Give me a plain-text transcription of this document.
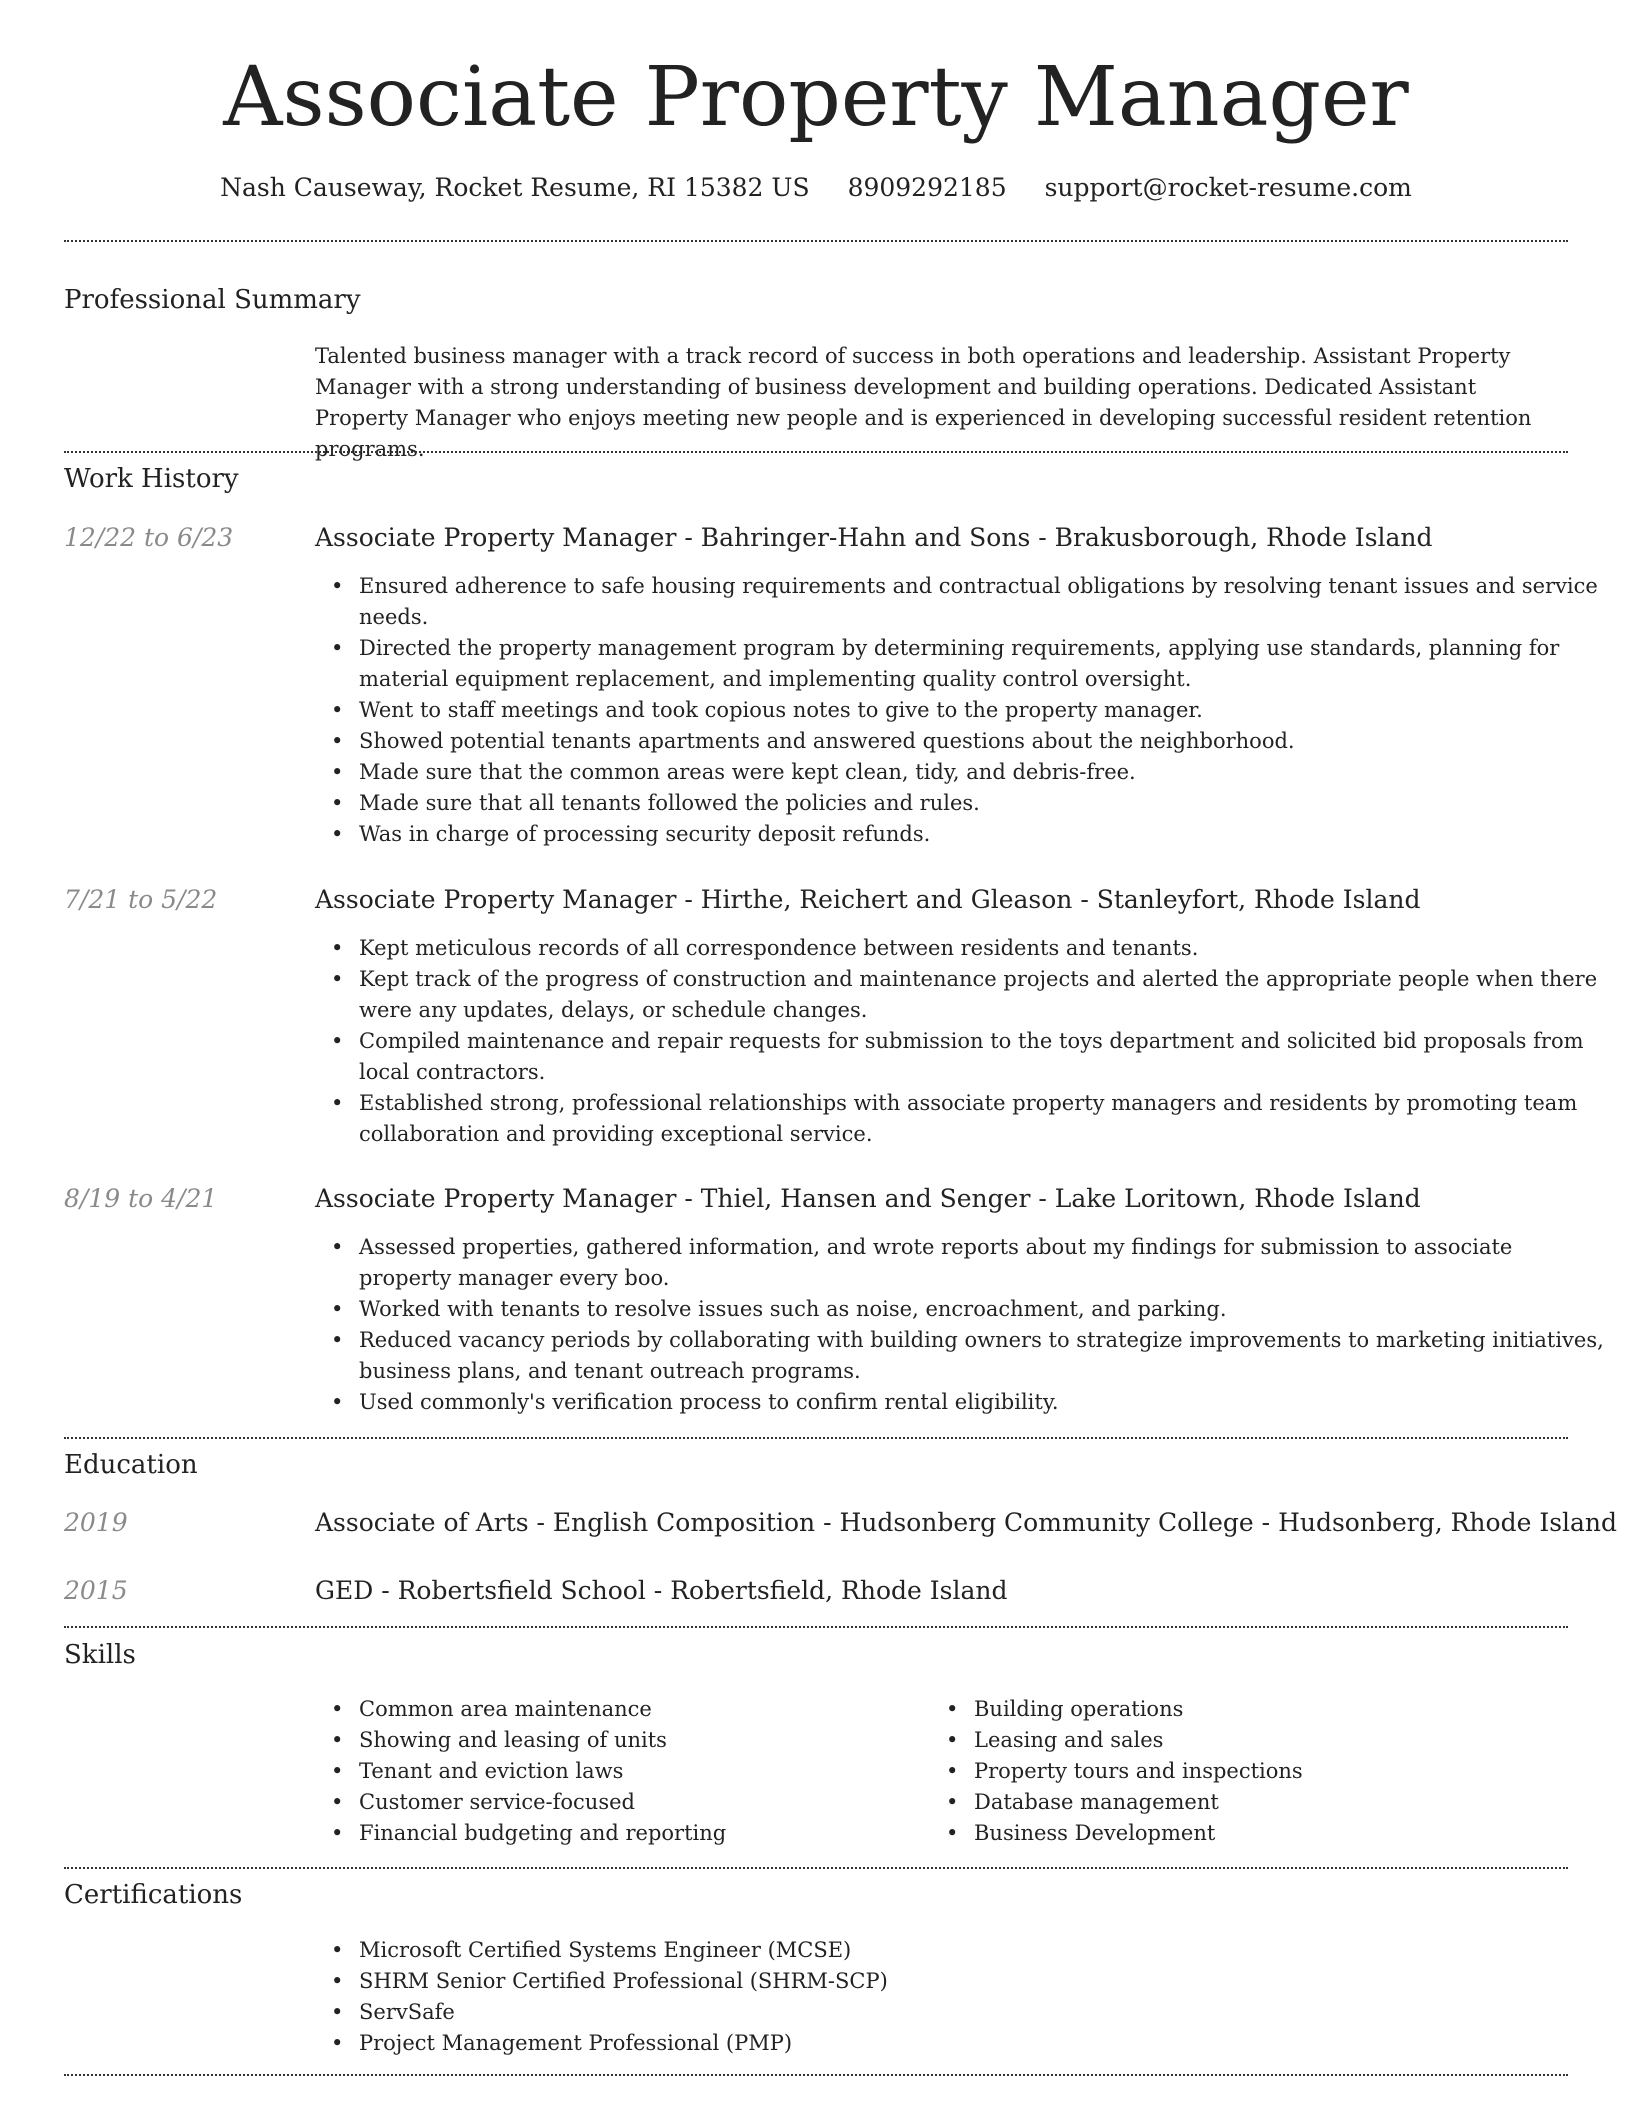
Associate Property Manager
Nash Causeway, Rocket Resume, RI 15382 US 8909292185 support@rocket-resume.com
Professional Summary
Talented business manager with a track record of success in both operations and leadership. Assistant Property Manager with a strong understanding of business development and building operations. Dedicated Assistant Property Manager who enjoys meeting new people and is experienced in developing successful resident retention programs.
Work History
12/22 to 6/23	Associate Property Manager - Bahringer-Hahn and Sons - Brakusborough, Rhode Island
• Ensured adherence to safe housing requirements and contractual obligations by resolving tenant issues and service needs.
• Directed the property management program by determining requirements, applying use standards, planning for material equipment replacement, and implementing quality control oversight.
• Went to staff meetings and took copious notes to give to the property manager.
• Showed potential tenants apartments and answered questions about the neighborhood.
• Made sure that the common areas were kept clean, tidy, and debris-free.
• Made sure that all tenants followed the policies and rules.
• Was in charge of processing security deposit refunds.
7/21 to 5/22	Associate Property Manager - Hirthe, Reichert and Gleason - Stanleyfort, Rhode Island
• Kept meticulous records of all correspondence between residents and tenants.
• Kept track of the progress of construction and maintenance projects and alerted the appropriate people when there were any updates, delays, or schedule changes.
• Compiled maintenance and repair requests for submission to the toys department and solicited bid proposals from local contractors.
• Established strong, professional relationships with associate property managers and residents by promoting team collaboration and providing exceptional service.
8/19 to 4/21	Associate Property Manager - Thiel, Hansen and Senger - Lake Loritown, Rhode Island
• Assessed properties, gathered information, and wrote reports about my findings for submission to associate property manager every boo.
• Worked with tenants to resolve issues such as noise, encroachment, and parking.
• Reduced vacancy periods by collaborating with building owners to strategize improvements to marketing initiatives, business plans, and tenant outreach programs.
• Used commonly's verification process to confirm rental eligibility.
Education
2019	Associate of Arts - English Composition - Hudsonberg Community College - Hudsonberg, Rhode Island
2015	GED - Robertsfield School - Robertsfield, Rhode Island
Skills
• Common area maintenance
• Showing and leasing of units
• Tenant and eviction laws
• Customer service-focused
• Financial budgeting and reporting
• Building operations
• Leasing and sales
• Property tours and inspections
• Database management
• Business Development
Certifications
• Microsoft Certified Systems Engineer (MCSE)
• SHRM Senior Certified Professional (SHRM-SCP)
• ServSafe
• Project Management Professional (PMP)
